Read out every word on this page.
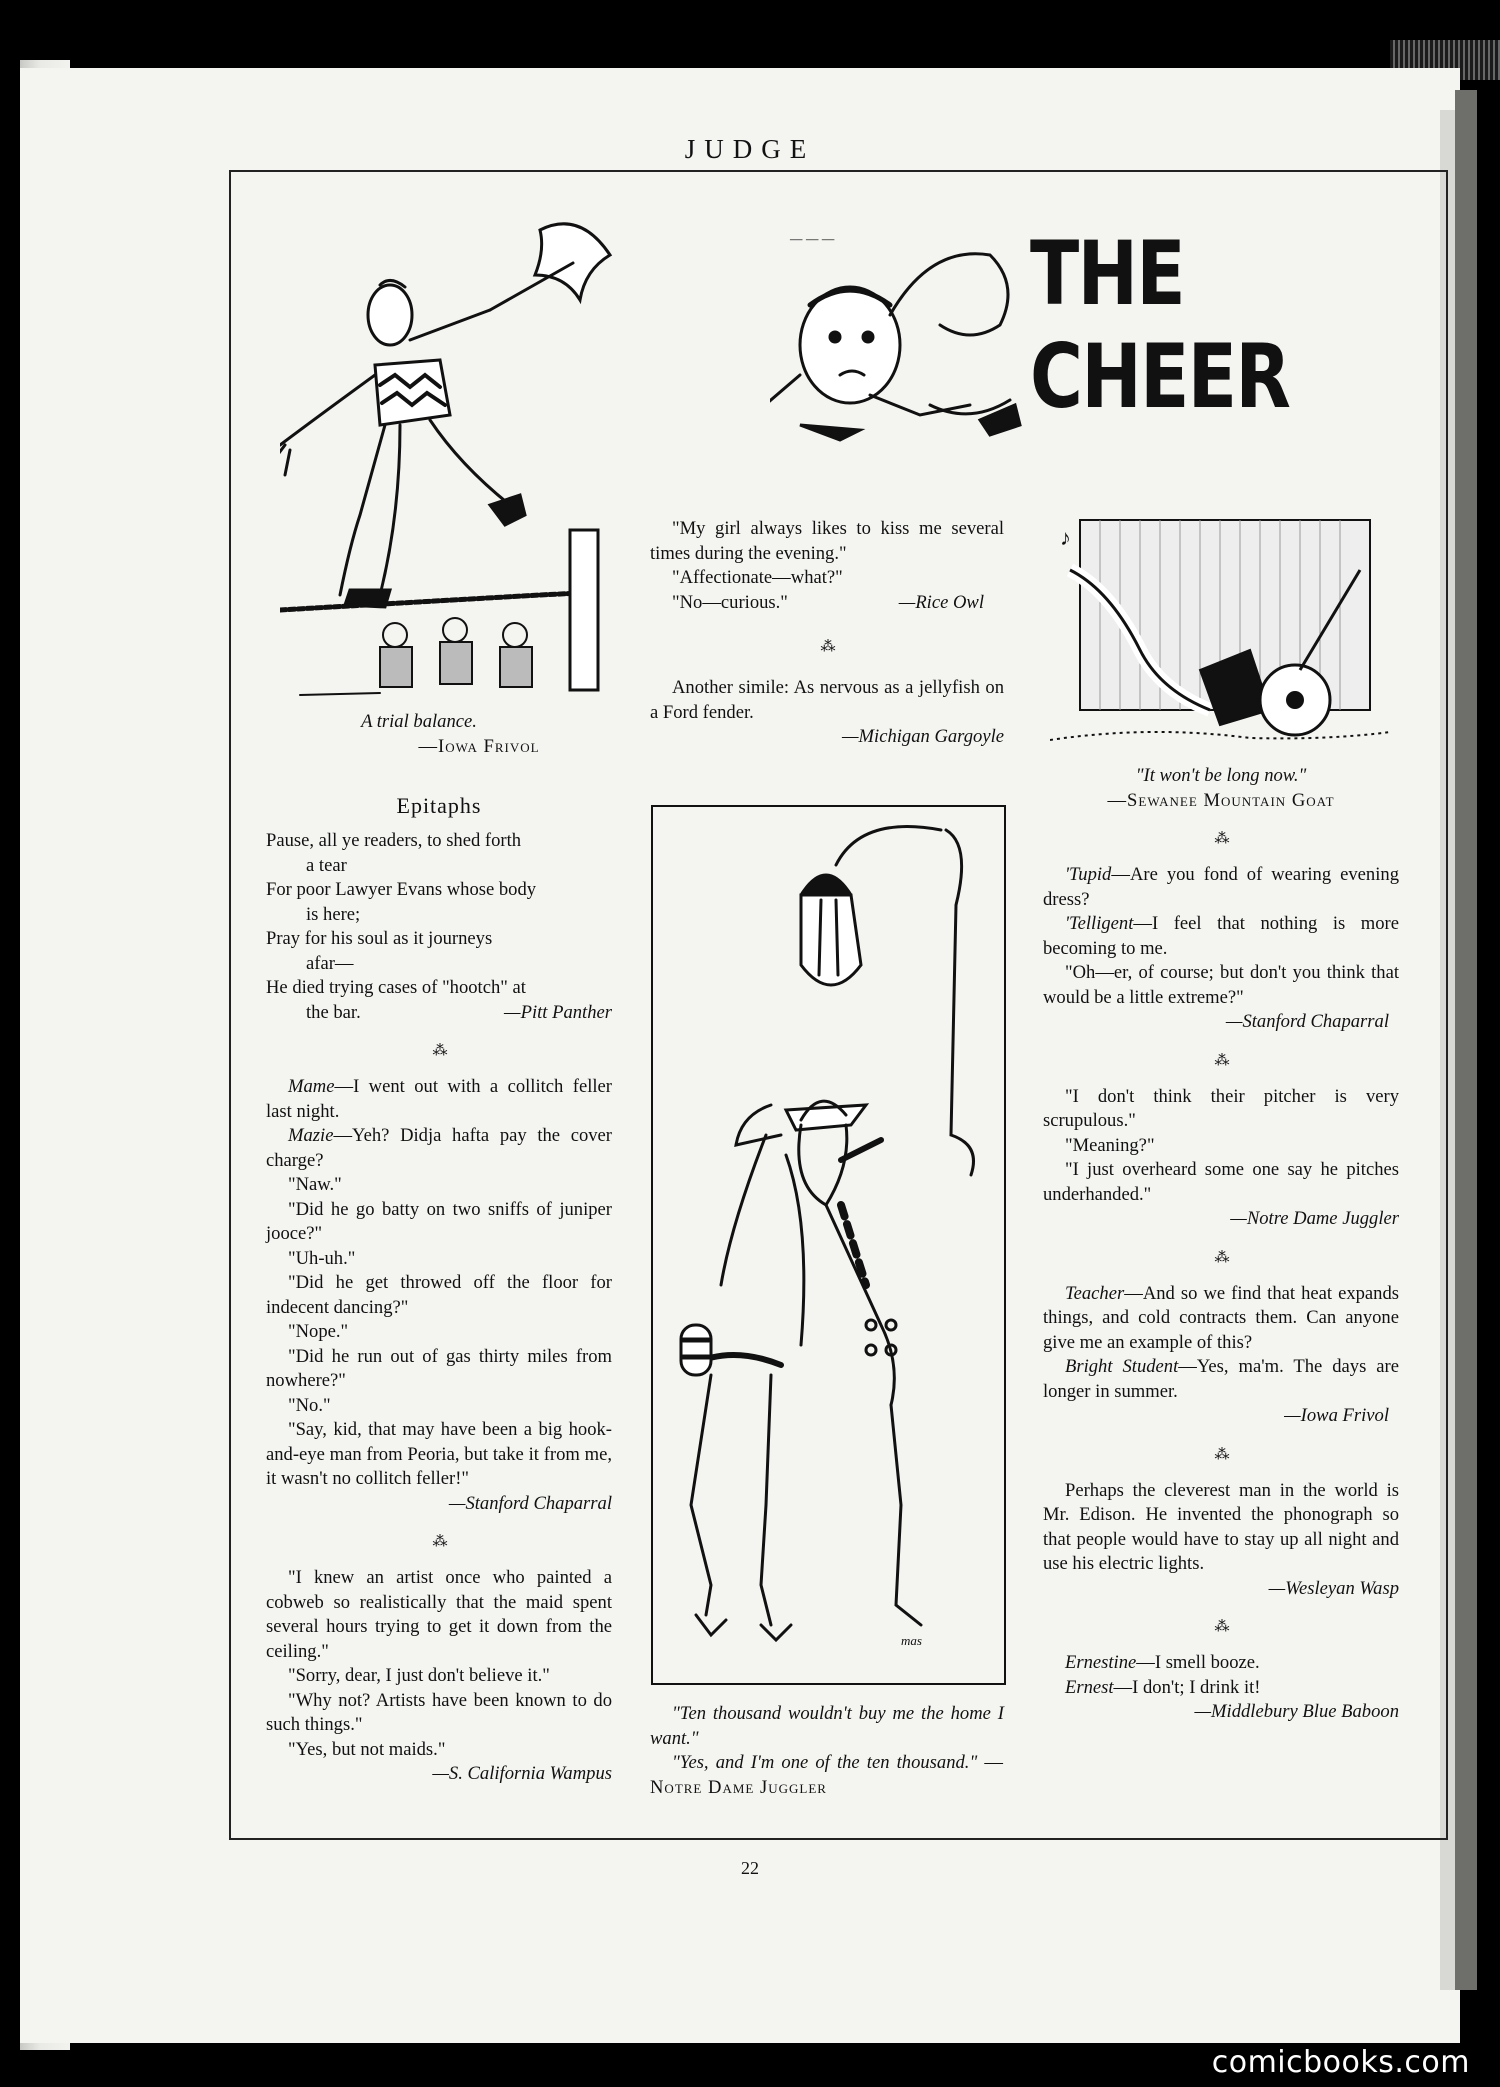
JUDGE
— — — THE CHEER
♪
mas
A trial balance.
—Iowa Frivol
Epitaphs

Pause, all ye readers, to shed forth

a tear

For poor Lawyer Evans whose body

is here;

Pray for his soul as it journeys

afar—

He died trying cases of "hootch" at

the bar.	—Pitt Panther

⁂

Mame—I went out with a collitch feller last night.

Mazie—Yeh? Didja hafta pay the cover charge?

"Naw."

"Did he go batty on two sniffs of juniper jooce?"

"Uh-uh."

"Did he get throwed off the floor for indecent dancing?"

"Nope."

"Did he run out of gas thirty miles from nowhere?"

"No."

"Say, kid, that may have been a big hook-and-eye man from Peoria, but take it from me, it wasn't no collitch feller!"

—Stanford Chaparral
⁂

"I knew an artist once who painted a cobweb so realistically that the maid spent several hours trying to get it down from the ceiling."

"Sorry, dear, I just don't believe it."

"Why not? Artists have been known to do such things."

"Yes, but not maids."

—S. California Wampus

"My girl always likes to kiss me several times during the evening."

"Affectionate—what?"

"No—curious."	—Rice Owl

⁂

Another simile: As nervous as a jellyfish on a Ford fender.

—Michigan Gargoyle

"Ten thousand wouldn't buy me the home I want."

"Yes, and I'm one of the ten thousand." —Notre Dame Juggler

"It won't be long now."
—Sewanee Mountain Goat
⁂

'Tupid—Are you fond of wearing evening dress?

'Telligent—I feel that nothing is more becoming to me.

"Oh—er, of course; but don't you think that would be a little extreme?"

—Stanford Chaparral
⁂

"I don't think their pitcher is very scrupulous."

"Meaning?"

"I just overheard some one say he pitches underhanded."

—Notre Dame Juggler
⁂

Teacher—And so we find that heat expands things, and cold contracts them. Can anyone give me an example of this?

Bright Student—Yes, ma'm. The days are longer in summer.

—Iowa Frivol
⁂

Perhaps the cleverest man in the world is Mr. Edison. He invented the phonograph so that people would have to stay up all night and use his electric lights.

—Wesleyan Wasp
⁂

Ernestine—I smell booze.

Ernest—I don't; I drink it!

—Middlebury Blue Baboon
22
comicbooks.com
